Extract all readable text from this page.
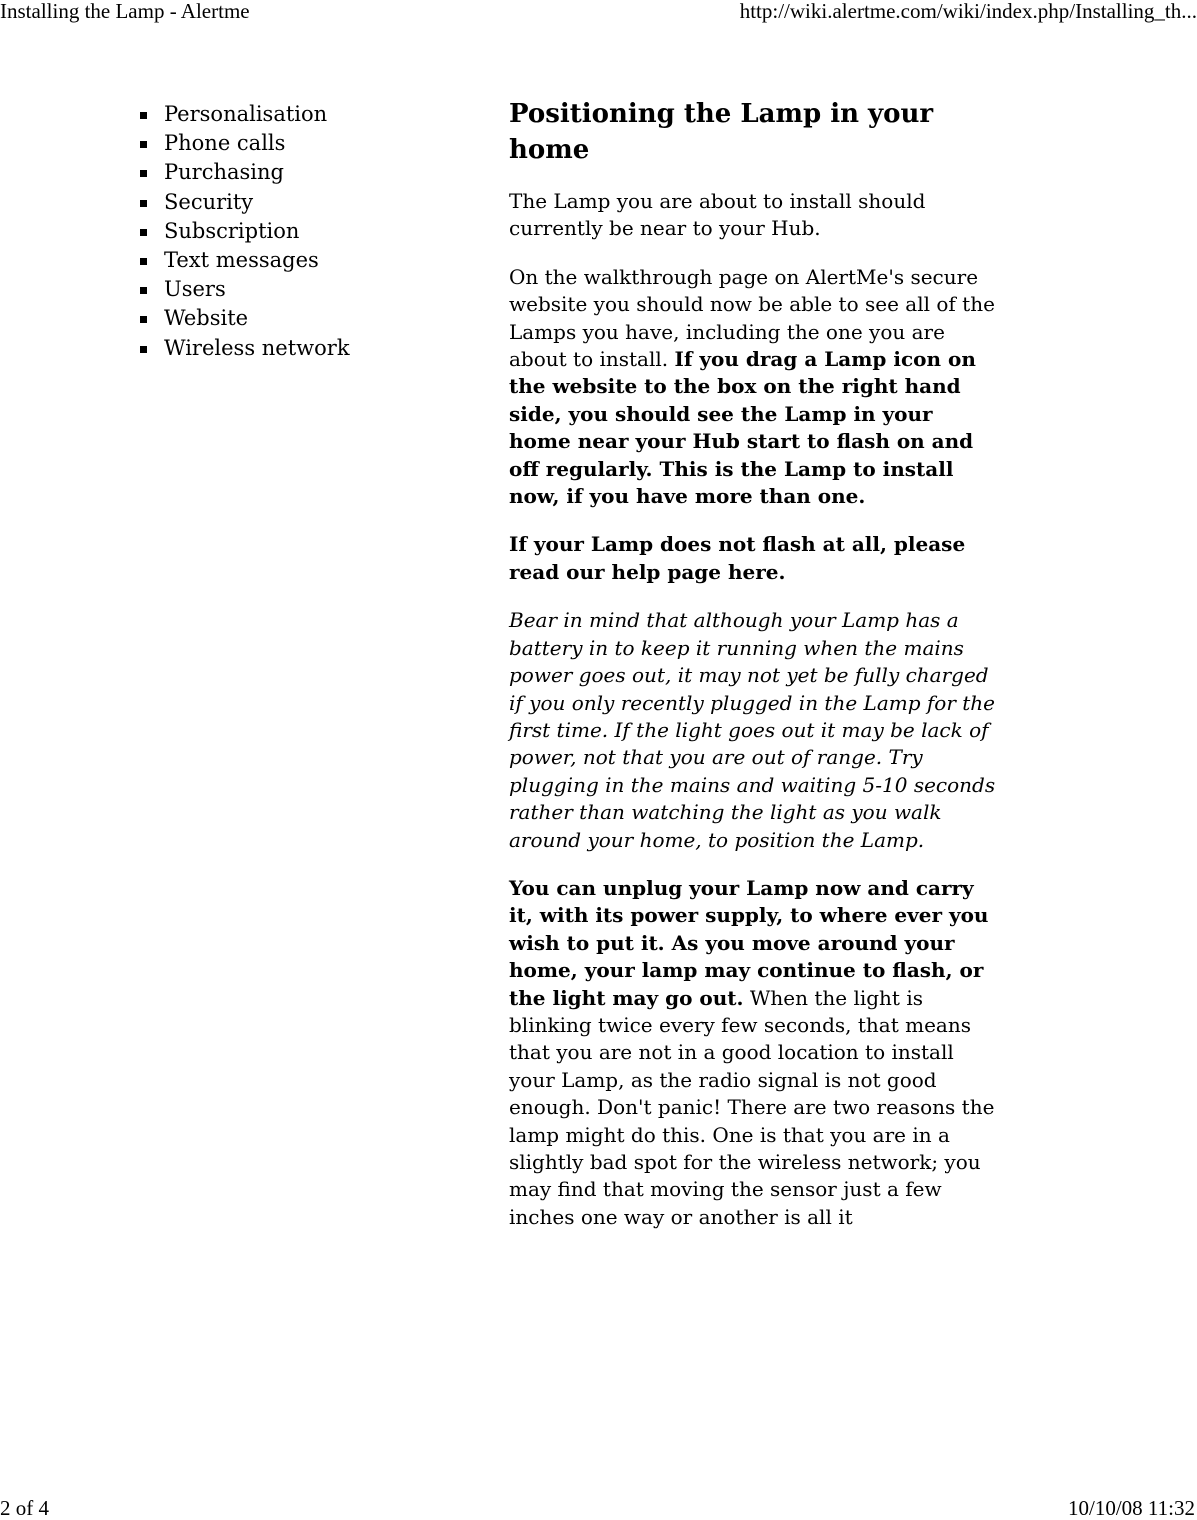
Installing the Lamp - Alertme	http://wiki.alertme.com/wiki/index.php/Installing_th...
Personalisation
Phone calls
Purchasing
Security
Subscription
Text messages
Users
Website
Wireless network
Positioning the Lamp in your home

The Lamp you are about to install should currently be near to your Hub.

On the walkthrough page on AlertMe's secure website you should now be able to see all of the Lamps you have, including the one you are about to install. If you drag a Lamp icon on the website to the box on the right hand side, you should see the Lamp in your home near your Hub start to flash on and off regularly. This is the Lamp to install now, if you have more than one.

If your Lamp does not flash at all, please read our help page here.

Bear in mind that although your Lamp has a battery in to keep it running when the mains power goes out, it may not yet be fully charged if you only recently plugged in the Lamp for the first time. If the light goes out it may be lack of power, not that you are out of range. Try plugging in the mains and waiting 5-10 seconds rather than watching the light as you walk around your home, to position the Lamp.

You can unplug your Lamp now and carry it, with its power supply, to where ever you wish to put it. As you move around your home, your lamp may continue to flash, or the light may go out. When the light is blinking twice every few seconds, that means that you are not in a good location to install your Lamp, as the radio signal is not good enough. Don't panic! There are two reasons the lamp might do this. One is that you are in a slightly bad spot for the wireless network; you may find that moving the sensor just a few inches one way or another is all it

2 of 4	10/10/08 11:32
